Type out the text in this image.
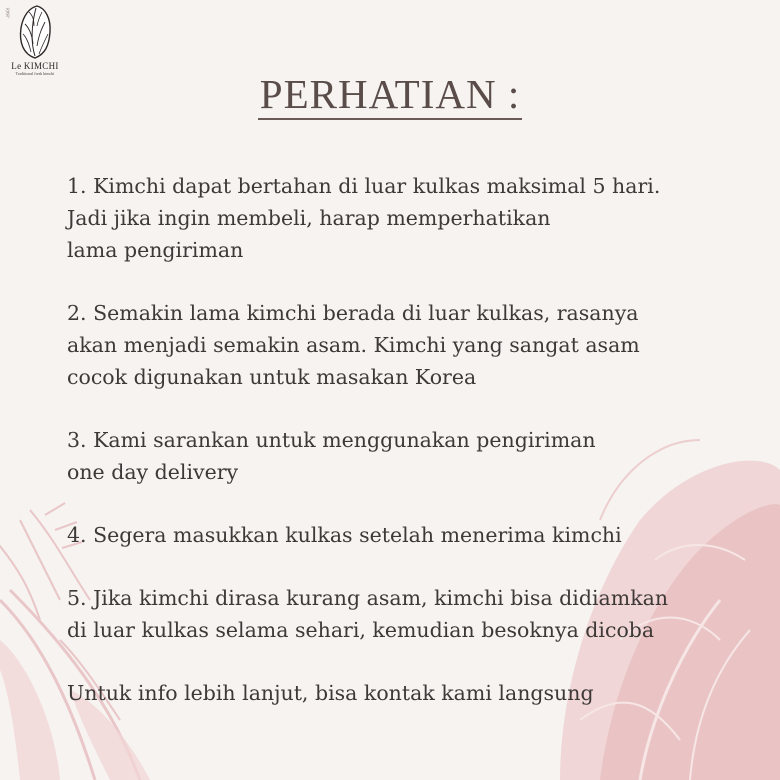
김치
Le KIMCHI
Traditional fresh kimchi	PERHATIAN :

1. Kimchi dapat bertahan di luar kulkas maksimal 5 hari.
Jadi jika ingin membeli, harap memperhatikan
lama pengiriman

2. Semakin lama kimchi berada di luar kulkas, rasanya
akan menjadi semakin asam. Kimchi yang sangat asam
cocok digunakan untuk masakan Korea

3. Kami sarankan untuk menggunakan pengiriman
one day delivery

4. Segera masukkan kulkas setelah menerima kimchi

5. Jika kimchi dirasa kurang asam, kimchi bisa didiamkan
di luar kulkas selama sehari, kemudian besoknya dicoba

Untuk info lebih lanjut, bisa kontak kami langsung
